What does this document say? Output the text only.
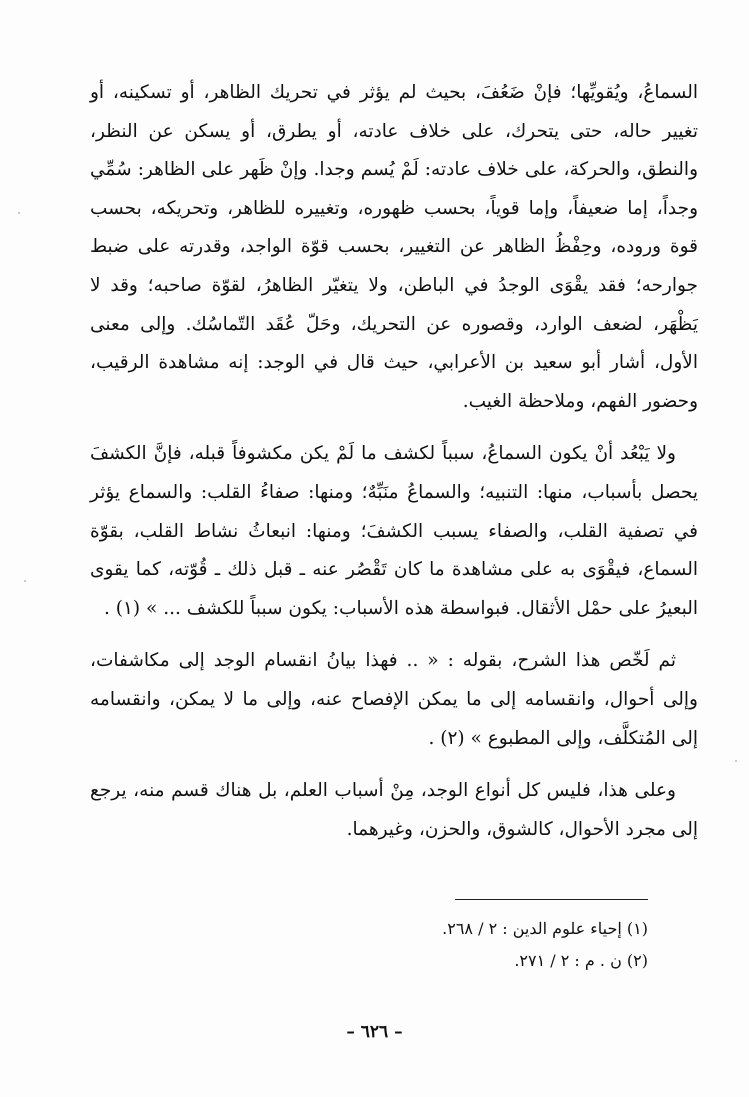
السماعُ، ويُقويِّها؛ فإنْ ضَعُفَ، بحيث لم يؤثر في تحريك الظاهر، أو تسكينه، أو تغيير حاله، حتى يتحرك، على خلاف عادته، أو يطرق، أو يسكن عن النظر، والنطق، والحركة، على خلاف عادته: لَمْ يُسم وجدا. وإنْ ظَهر على الظاهر: سُمِّي وجداً، إما ضعيفاً، وإما قوياً، بحسب ظهوره، وتغييره للظاهر، وتحريكه، بحسب قوة وروده، وحِفْظُ الظاهر عن التغيير، بحسب قوّة الواجد، وقدرته على ضبط جوارحه؛ فقد يقْوَى الوجدُ في الباطن، ولا يتغيّر الظاهرُ، لقوّة صاحبه؛ وقد لا يَظْهَر، لضعف الوارد، وقصوره عن التحريك، وحَلّ عُقَد التّماسُك. وإلى معنى الأول، أشار أبو سعيد بن الأعرابي، حيث قال في الوجد: إنه مشاهدة الرقيب، وحضور الفهم، وملاحظة الغيب.

ولا يَبْعُد أنْ يكون السماعُ، سبباً لكشف ما لَمْ يكن مكشوفاً قبله، فإنَّ الكشفَ يحصل بأسباب، منها: التنبيه؛ والسماعُ منَبِّهٌ؛ ومنها: صفاءُ القلب: والسماع يؤثر في تصفية القلب، والصفاء يسبب الكشفَ؛ ومنها: انبعاثُ نشاط القلب، بقوّة السماع، فيقْوَى به على مشاهدة ما كان تَقْصُر عنه ـ قبل ذلك ـ قُوّته، كما يقوى البعيرُ على حمْل الأثقال. فبواسطة هذه الأسباب: يكون سبباً للكشف ... » (١) .

ثم لَخّص هذا الشرح، بقوله : « .. فهذا بيانُ انقسام الوجد إلى مكاشفات، وإلى أحوال، وانقسامه إلى ما يمكن الإفصاح عنه، وإلى ما لا يمكن، وانقسامه إلى المُتكلَّف، وإلى المطبوع » (٢) .

وعلى هذا، فليس كل أنواع الوجد، مِنْ أسباب العلم، بل هناك قسم منه، يرجع إلى مجرد الأحوال، كالشوق، والحزن، وغيرهما.

(١) إحياء علوم الدين : ٢ / ٢٦٨.
(٢) ن . م : ٢ / ٢٧١.
– ٦٢٦ –
